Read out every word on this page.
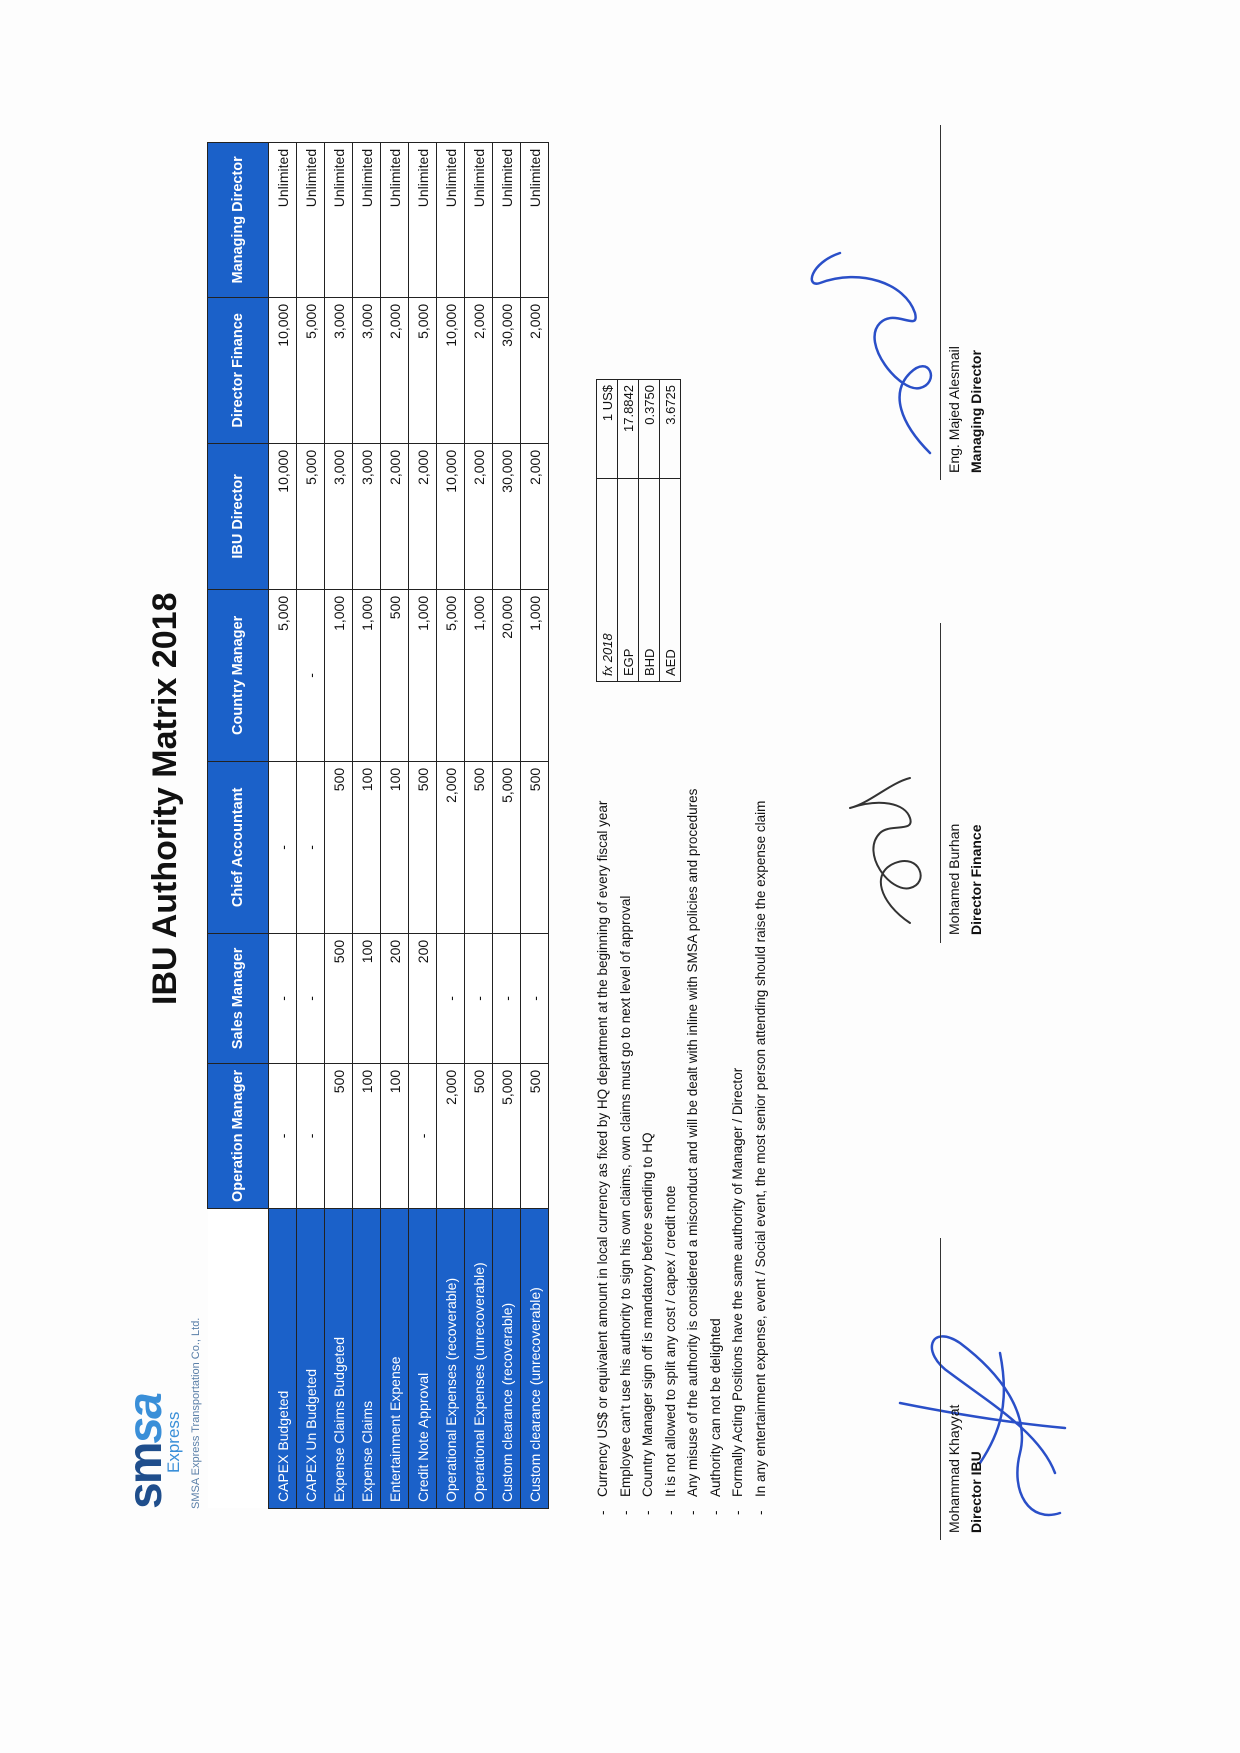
smsa
Express SMSA Express Transportation Co., Ltd.
IBU Authority Matrix 2018
	Operation Manager	Sales Manager	Chief Accountant	Country Manager	IBU Director	Director Finance	Managing Director
CAPEX Budgeted	-	-	-	5,000	10,000	10,000	Unlimited
CAPEX Un Budgeted	-	-	-	-	5,000	5,000	Unlimited
Expense Claims Budgeted	500	500	500	1,000	3,000	3,000	Unlimited
Expense Claims	100	100	100	1,000	3,000	3,000	Unlimited
Entertainment Expense	100	200	100	500	2,000	2,000	Unlimited
Credit Note Approval	-	200	500	1,000	2,000	5,000	Unlimited
Operational Expenses (recoverable)	2,000	-	2,000	5,000	10,000	10,000	Unlimited
Operational Expenses (unrecoverable)	500	-	500	1,000	2,000	2,000	Unlimited
Custom clearance (recoverable)	5,000	-	5,000	20,000	30,000	30,000	Unlimited
Custom clearance (unrecoverable)	500	-	500	1,000	2,000	2,000	Unlimited
-Currency US$ or equivalent amount in local currency as fixed by HQ department at the beginning of every fiscal year
-Employee can't use his authority to sign his own claims, own claims must go to next level of approval
-Country Manager sign off is mandatory before sending to HQ
-It is not allowed to split any cost / capex / credit note
-Any misuse of the authority is considered a misconduct and will be dealt with inline with SMSA policies and procedures
-Authority can not be delighted
-Formally Acting Positions have the same authority of Manager / Director
-In any entertainment expense, event / Social event, the most senior person attending should raise the expense claim
fx 2018	1 US$
EGP	17.8842
BHD	0.3750
AED	3.6725
Mohammad Khayyat Director IBU
Mohamed Burhan Director Finance
Eng. Majed Alesmail Managing Director
